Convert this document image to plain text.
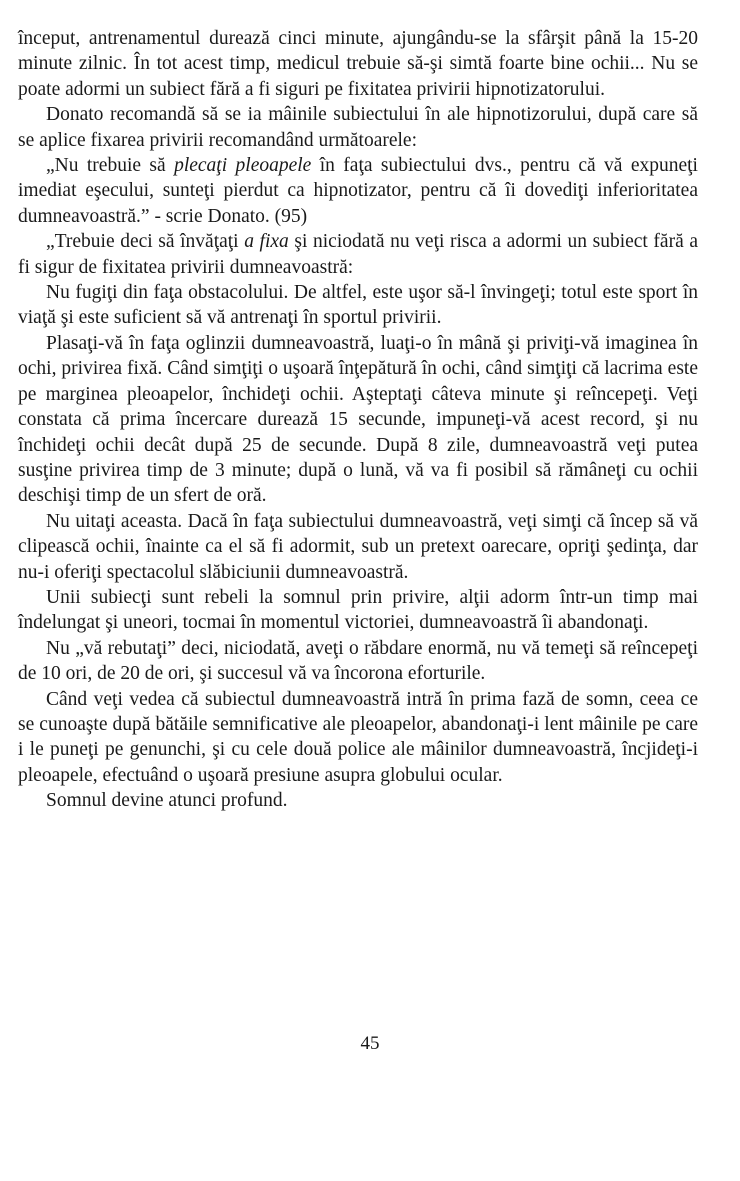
început, antrenamentul durează cinci minute, ajungându-se la sfârşit până la 15-20 minute zilnic. În tot acest timp, medicul trebuie să-şi simtă foarte bine ochii... Nu se poate adormi un subiect fără a fi siguri pe fixitatea privirii hipnotizatorului.

Donato recomandă să se ia mâinile subiectului în ale hipnotizorului, după care să se aplice fixarea privirii recomandând următoarele:

„Nu trebuie să plecaţi pleoapele în faţa subiectului dvs., pentru că vă expuneţi imediat eşecului, sunteţi pierdut ca hipnotizator, pentru că îi dovediţi inferioritatea dumneavoastră.” - scrie Donato. (95)

„Trebuie deci să învăţaţi a fixa şi niciodată nu veţi risca a adormi un subiect fără a fi sigur de fixitatea privirii dumneavoastră:

Nu fugiţi din faţa obstacolului. De altfel, este uşor să-l învingeţi; totul este sport în viaţă şi este suficient să vă antrenaţi în sportul privirii.

Plasaţi-vă în faţa oglinzii dumneavoastră, luaţi-o în mână şi priviţi-vă imaginea în ochi, privirea fixă. Când simţiţi o uşoară înţepătură în ochi, când simţiţi că lacrima este pe marginea pleoapelor, închideţi ochii. Aşteptaţi câteva minute şi reîncepeţi. Veţi constata că prima încercare durează 15 secunde, impuneţi-vă acest record, şi nu închideţi ochii decât după 25 de secunde. După 8 zile, dumneavoastră veţi putea susţine privirea timp de 3 minute; după o lună, vă va fi posibil să rămâneţi cu ochii deschişi timp de un sfert de oră.

Nu uitaţi aceasta. Dacă în faţa subiectului dumneavoastră, veţi simţi că încep să vă clipească ochii, înainte ca el să fi adormit, sub un pretext oarecare, opriţi şedinţa, dar nu-i oferiţi spectacolul slăbiciunii dumneavoastră.

Unii subiecţi sunt rebeli la somnul prin privire, alţii adorm într-un timp mai îndelungat şi uneori, tocmai în momentul victoriei, dumneavoastră îi abandonaţi.

Nu „vă rebutaţi” deci, niciodată, aveţi o răbdare enormă, nu vă temeţi să reîncepeţi de 10 ori, de 20 de ori, şi succesul vă va încorona eforturile.

Când veţi vedea că subiectul dumneavoastră intră în prima fază de somn, ceea ce se cunoaşte după bătăile semnificative ale pleoapelor, abandonaţi-i lent mâinile pe care i le puneţi pe genunchi, şi cu cele două police ale mâinilor dumneavoastră, încjideţi-i pleoapele, efectuând o uşoară presiune asupra globului ocular.

Somnul devine atunci profund.

45
